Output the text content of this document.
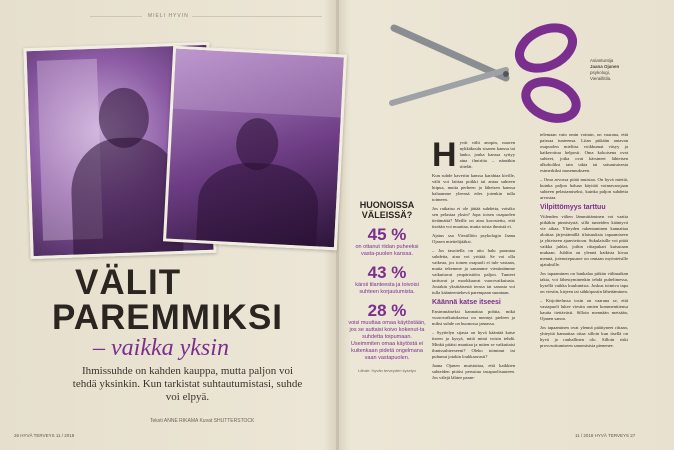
MIELI HYVIN
Asiantuntija
Jaana Ojanen
psykologi,
Vieraillitila.
VÄLIT
PAREMMIKSI
– vaikka yksin
Ihmissuhde on kahden kauppa, mutta paljon voi tehdä yksinkin. Kun tarkistat suhtautumistasi, suhde voi elpyä.
Teksti ANNE RIKAMA Kuvat SHUTTERSTOCK
HUONOISSA VÄLEISSÄ?
45 %
on ottanut riidan puheeksi vasta-puolen kanssa.
43 %
kärsii tilanteesta ja toivoisi suhteen korjautumista.
28 %
voisi muuttaa omaa käytöstään, jos se auttaisi koivo kokenut-ta suhdetta toipumaan. Useimmiten omaa käytöstä ei kuitenkaan pidetä ongelmana vaan vastapuolen.
Lähde: Hyvän terveyden kyselyn
H yvät välit anopin, nuoren nykkäkoulu sisaren kanssa tai lanko, jonka kanssa syttyy aina ilmiriita – nämäkin riitelät.

Kun suhde kaveriin kanssa karahtaa kiville, välit voi laittaa poikki tai antaa suhteen hiipua, mutta perheen ja läheisen kanssa haluamme yleensä edes jotenkin tulla toimeen.

Jos ratkaisu ei ole jättää suhdetta, voisiko sen pelastaa yksin? Jopa toisen osapuolen tietämättä? Meille on aina korostettu, että itseään voi muuttaa, mutta toista ihmistä ei.

Ajatus saa Viestilliön psykologin Jaana Ojasen miettelijääksi.

– Jos tasoitella on aito halu parantaa suhdetta, aina voi yrittää. Se voi olla vaikeaa, jos toinen osapuoli ei tule vastaan, mutta tekemme ja sanamme viestintämme vaikuttavat ympäristöön paljon. Tunteet tarttuvat ja mookkaavat vuorovaikutusta. Jostakin yksittäisestä teosta tai sanasta voi tulla käänteentekevä parempaan suuntaan.

Käännä katse itseesi

Ensimmäiseksi kannattaa pohtia, mikä vuorovaikutuksessa on mennyt pieleen ja miksi suhde on huonossa jamassa.

– Syyttelyn sijasta on hyvä kääntää katse itseen ja kysyä, mitä minä voisin tehdä. Minkä pitäisi muuttaa ja miten se vaikuttaisi ihmissuhteeseeni? Oleko toiminut tai puhunut jotakin loukkaavasti?

Jaana Ojanen muistuttaa, että kaikkien suhteiden pitäisi perustua tasapuolisuuteen. Jos välejä lähtee paran-

telemaan vain omin voimin, on vaarana, että paissaa tunteensa. Liian pitkään antavan osapuolen mieliisa voikkumat väsyy ja katkeroituu helposti. Oma kokoisena ovat suhteet, jotka ovat kärsineet lähteisen alkoholiksi tain takia tai saisautuisesta esimerkiksi masennukseen.

– Oma arvossa pitää muistaa. On hyvä mietiä, kuinka paljon haluaa käyttää voimavarojaan suhteen pelastamiseksi, kuinka paljon suhdetta arvostaa.

Vilpittömyys tarttuu

Viilenden välien lämmittäminen voi vaatia pitkäkin pinnistystä, sillä tunteiden kääntyvä vie aikaa. Ylteyden rakentaminen kannattaa aloittaa järjestämällä tilaisuuksia tapaamiseen ja yhteiseen ajanviettoon. Sukulaisille voi pitää vaikka juhlat, joihin riitapukari kutsutaan mukaan. Juhliin on ylennä kaikista kivaa mennä, jotenotepuusee on omiaan myönteisille ajatuksille.

Jos tapaaminen on hankalaa pitkän välimatkan takia, voi lähestyminenkin tehdä puhelimessa, kysellä vaikka kuulumisia. Joskus toimiva tapa on viestin, kirjeen tai sähköpostin lähettäminen.

– Kirjoittelussa tosin on vaarana se, että vastapuoli lukee viestin omien kommenttiensa kautta tiettävästi. Silloin mennään metsään, Ojanen sanoo.

Jos tapaaminen ovat ylennä päättyneet riitaan, yhteyttä kannattaa ottaa silloin kun itsellä on hyvä ja rauhallinen olo. Silloin riski provosoitumiseen sanomisista pienenee.

26 HYVÄ TERVEYS 11 / 2018	11 / 2018 HYVÄ TERVEYS 27
